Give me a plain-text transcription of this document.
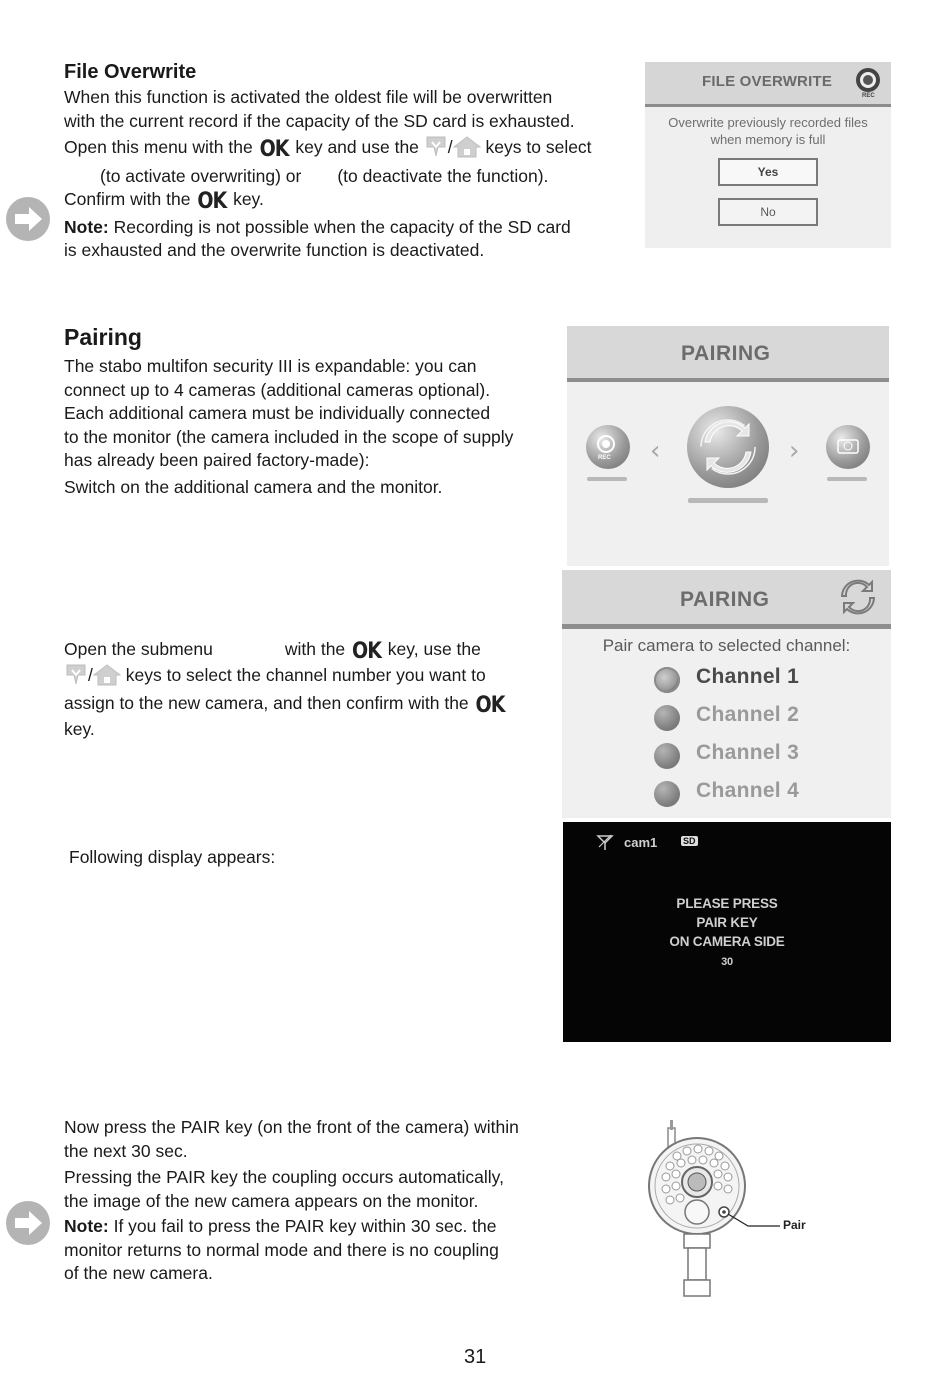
File Overwrite

When this function is activated the oldest file will be overwritten
with the current record if the capacity of the SD card is exhausted.

Open this menu with the OK key and use the / keys to select

(to activate overwriting) or (to deactivate the function).

Confirm with the OK key.

Note: Recording is not possible when the capacity of the SD card
is exhausted and the overwrite function is deactivated.

FILE OVERWRITE
REC
Overwrite previously recorded files
when memory is full
Yes
No
Pairing

The stabo multifon security III is expandable: you can
connect up to 4 cameras (additional cameras optional).
Each additional camera must be individually connected
to the monitor (the camera included in the scope of supply
has already been paired factory-made):

Switch on the additional camera and the monitor.

Open the submenu	with the OK key, use the

/ keys to select the channel number you want to

assign to the new camera, and then confirm with the OK

key.

Following display appears:

Now press the PAIR key (on the front of the camera) within
the next 30 sec.

Pressing the PAIR key the coupling occurs automatically,
the image of the new camera appears on the monitor.

Note: If you fail to press the PAIR key within 30 sec. the
monitor returns to normal mode and there is no coupling
of the new camera.

PAIRING
REC ‹	›
PAIRING
Pair camera to selected channel:
Channel 1
Channel 2
Channel 3
Channel 4
cam1	SD
PLEASE PRESS
PAIR KEY
ON CAMERA SIDE
30
Pair
31
